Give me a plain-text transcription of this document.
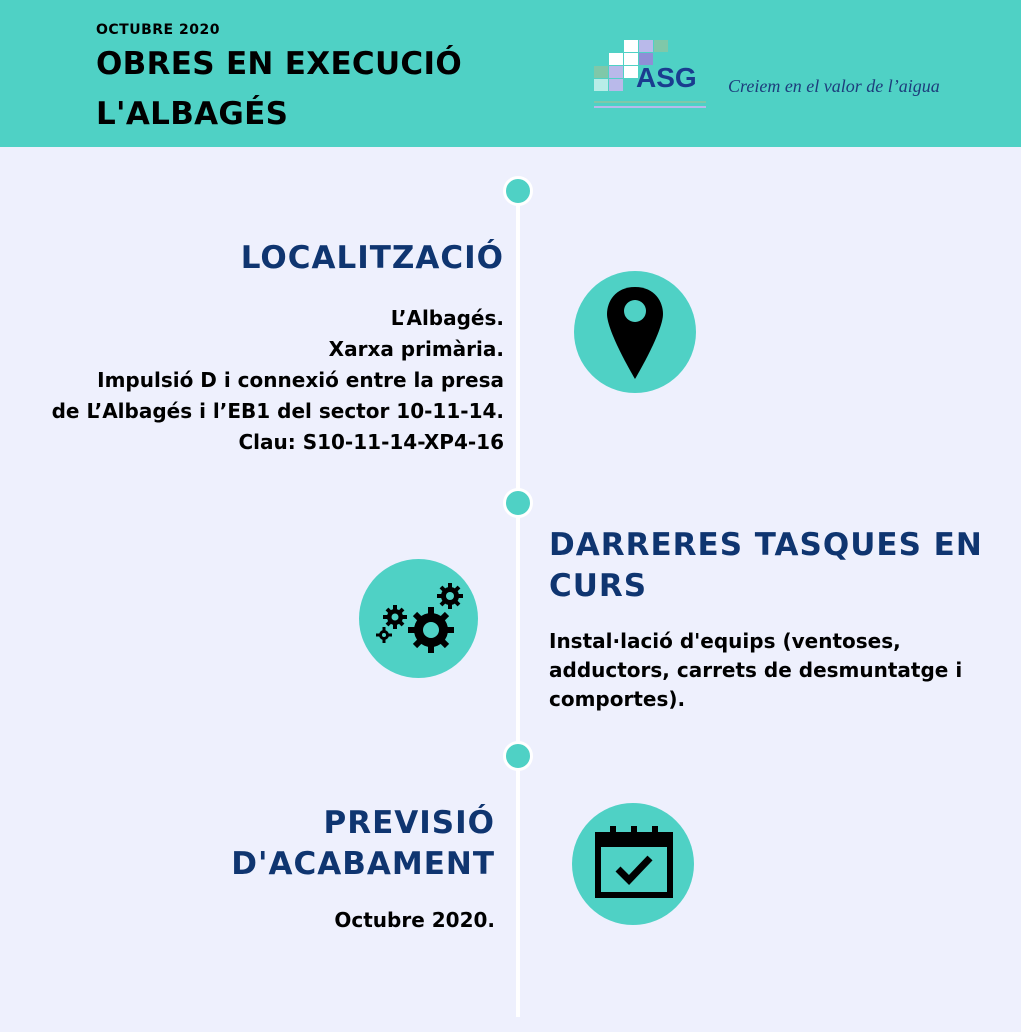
OCTUBRE 2020
OBRES EN EXECUCIÓ
L'ALBAGÉS
ASG Creiem en el valor de l’aigua
LOCALITZACIÓ
L’Albagés.
Xarxa primària.
Impulsió D i connexió entre la presa
de L’Albagés i l’EB1 del sector 10-11-14.
Clau: S10-11-14-XP4-16
DARRERES TASQUES EN CURS
Instal·lació d'equips (ventoses,
adductors, carrets de desmuntatge i
comportes).
PREVISIÓ D'ACABAMENT
Octubre 2020.
